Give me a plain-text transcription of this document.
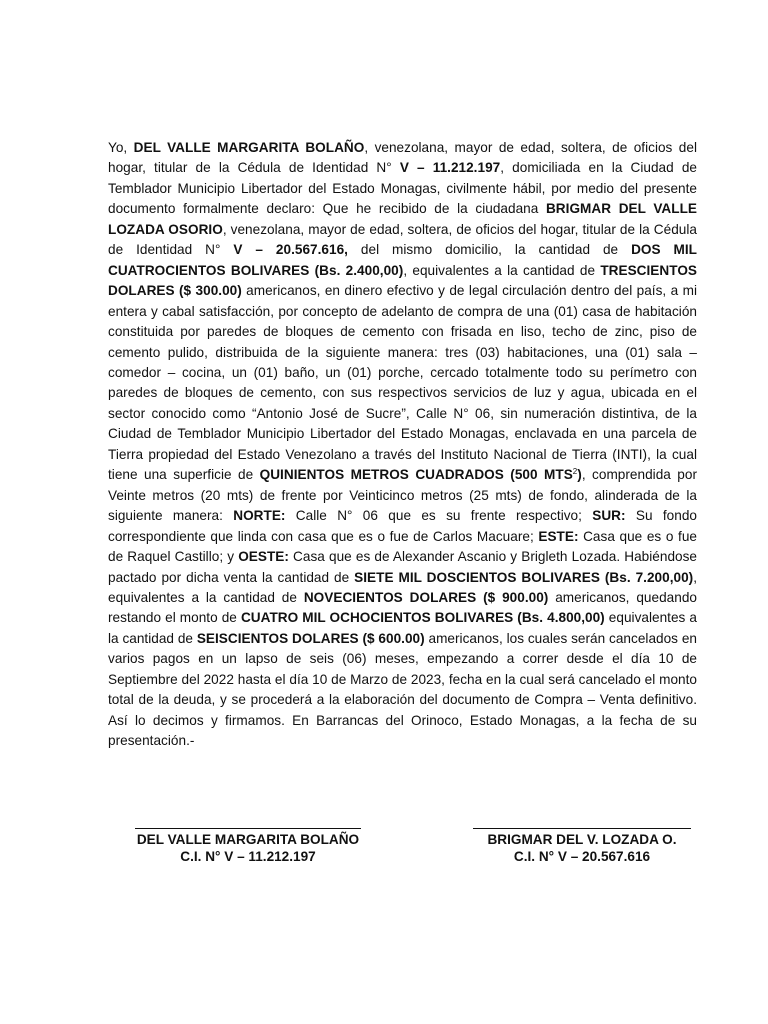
Yo, DEL VALLE MARGARITA BOLAÑO, venezolana, mayor de edad, soltera, de oficios del hogar, titular de la Cédula de Identidad N° V – 11.212.197, domiciliada en la Ciudad de Temblador Municipio Libertador del Estado Monagas, civilmente hábil, por medio del presente documento formalmente declaro: Que he recibido de la ciudadana BRIGMAR DEL VALLE LOZADA OSORIO, venezolana, mayor de edad, soltera, de oficios del hogar, titular de la Cédula de Identidad N° V – 20.567.616, del mismo domicilio, la cantidad de DOS MIL CUATROCIENTOS BOLIVARES (Bs. 2.400,00), equivalentes a la cantidad de TRESCIENTOS DOLARES ($ 300.00) americanos, en dinero efectivo y de legal circulación dentro del país, a mi entera y cabal satisfacción, por concepto de adelanto de compra de una (01) casa de habitación constituida por paredes de bloques de cemento con frisada en liso, techo de zinc, piso de cemento pulido, distribuida de la siguiente manera: tres (03) habitaciones, una (01) sala – comedor – cocina, un (01) baño, un (01) porche, cercado totalmente todo su perímetro con paredes de bloques de cemento, con sus respectivos servicios de luz y agua, ubicada en el sector conocido como “Antonio José de Sucre”, Calle N° 06, sin numeración distintiva, de la Ciudad de Temblador Municipio Libertador del Estado Monagas, enclavada en una parcela de Tierra propiedad del Estado Venezolano a través del Instituto Nacional de Tierra (INTI), la cual tiene una superficie de QUINIENTOS METROS CUADRADOS (500 MTS$^2$), comprendida por Veinte metros (20 mts) de frente por Veinticinco metros (25 mts) de fondo, alinderada de la siguiente manera: NORTE: Calle N° 06 que es su frente respectivo; SUR: Su fondo correspondiente que linda con casa que es o fue de Carlos Macuare; ESTE: Casa que es o fue de Raquel Castillo; y OESTE: Casa que es de Alexander Ascanio y Brigleth Lozada. Habiéndose pactado por dicha venta la cantidad de SIETE MIL DOSCIENTOS BOLIVARES (Bs. 7.200,00), equivalentes a la cantidad de NOVECIENTOS DOLARES ($ 900.00) americanos, quedando restando el monto de CUATRO MIL OCHOCIENTOS BOLIVARES (Bs. 4.800,00) equivalentes a la cantidad de SEISCIENTOS DOLARES ($ 600.00) americanos, los cuales serán cancelados en varios pagos en un lapso de seis (06) meses, empezando a correr desde el día 10 de Septiembre del 2022 hasta el día 10 de Marzo de 2023, fecha en la cual será cancelado el monto total de la deuda, y se procederá a la elaboración del documento de Compra – Venta definitivo. Así lo decimos y firmamos. En Barrancas del Orinoco, Estado Monagas, a la fecha de su presentación.-
DEL VALLE MARGARITA BOLAÑO
C.I. N° V – 11.212.197
BRIGMAR DEL V. LOZADA O.
C.I. N° V – 20.567.616
